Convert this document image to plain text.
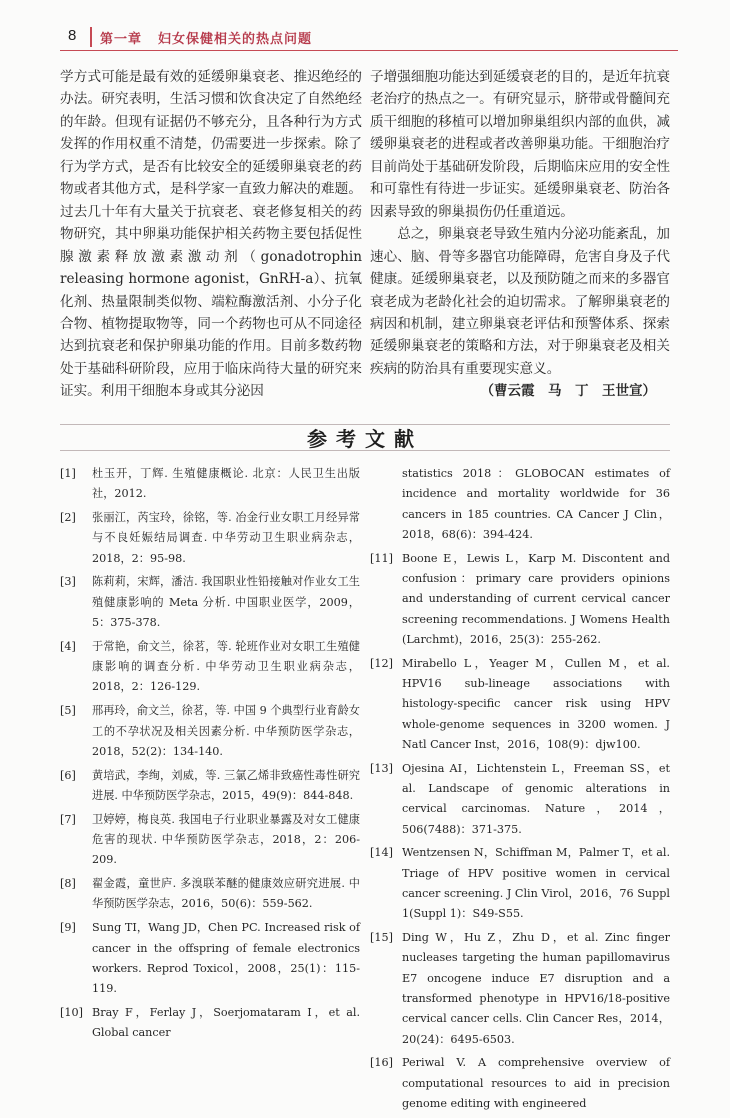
8 第一章 妇女保健相关的热点问题

学方式可能是最有效的延缓卵巢衰老、推迟绝经的办法。研究表明，生活习惯和饮食决定了自然绝经的年龄。但现有证据仍不够充分，且各种行为方式发挥的作用权重不清楚，仍需要进一步探索。除了行为学方式，是否有比较安全的延缓卵巢衰老的药物或者其他方式，是科学家一直致力解决的难题。过去几十年有大量关于抗衰老、衰老修复相关的药物研究，其中卵巢功能保护相关药物主要包括促性腺激素释放激素激动剂（gonadotrophin releasing hormone agonist，GnRH-a）、抗氧化剂、热量限制类似物、端粒酶激活剂、小分子化合物、植物提取物等，同一个药物也可从不同途径达到抗衰老和保护卵巢功能的作用。目前多数药物处于基础科研阶段，应用于临床尚待大量的研究来证实。利用干细胞本身或其分泌因

子增强细胞功能达到延缓衰老的目的，是近年抗衰老治疗的热点之一。有研究显示，脐带或骨髓间充质干细胞的移植可以增加卵巢组织内部的血供，减缓卵巢衰老的进程或者改善卵巢功能。干细胞治疗目前尚处于基础研发阶段，后期临床应用的安全性和可靠性有待进一步证实。延缓卵巢衰老、防治各因素导致的卵巢损伤仍任重道远。

总之，卵巢衰老导致生殖内分泌功能紊乱，加速心、脑、骨等多器官功能障碍，危害自身及子代健康。延缓卵巢衰老，以及预防随之而来的多器官衰老成为老龄化社会的迫切需求。了解卵巢衰老的病因和机制，建立卵巢衰老评估和预警体系、探索延缓卵巢衰老的策略和方法，对于卵巢衰老及相关疾病的防治具有重要现实意义。

（曹云霞　马　丁　王世宣）
参考文献
[1]	杜玉开，丁辉. 生殖健康概论. 北京：人民卫生出版社，2012.
[2]	张丽江，芮宝玲，徐铭，等. 冶金行业女职工月经异常与不良妊娠结局调查. 中华劳动卫生职业病杂志，2018，2：95-98.
[3]	陈莉莉，宋辉，潘洁. 我国职业性铅接触对作业女工生殖健康影响的 Meta 分析. 中国职业医学，2009，5：375-378.
[4]	于常艳，俞文兰，徐茗，等. 轮班作业对女职工生殖健康影响的调查分析. 中华劳动卫生职业病杂志，2018，2：126-129.
[5]	邢再玲，俞文兰，徐茗，等. 中国 9 个典型行业育龄女工的不孕状况及相关因素分析. 中华预防医学杂志，2018，52(2)：134-140.
[6]	黄培武，李绚，刘威，等. 三氯乙烯非致癌性毒性研究进展. 中华预防医学杂志，2015，49(9)：844-848.
[7]	卫婷婷，梅良英. 我国电子行业职业暴露及对女工健康危害的现状. 中华预防医学杂志，2018，2：206-209.
[8]	翟金霞，童世庐. 多溴联苯醚的健康效应研究进展. 中华预防医学杂志，2016，50(6)：559-562.
[9]	Sung TI，Wang JD，Chen PC. Increased risk of cancer in the offspring of female electronics workers. Reprod Toxicol，2008，25(1)：115-119.
[10] Bray F，Ferlay J，Soerjomataram I，et al. Global cancer
statistics 2018：GLOBOCAN estimates of incidence and mortality worldwide for 36 cancers in 185 countries. CA Cancer J Clin，2018，68(6)：394-424.
[11] Boone E，Lewis L，Karp M. Discontent and confusion：primary care providers opinions and understanding of current cervical cancer screening recommendations. J Womens Health (Larchmt)，2016，25(3)：255-262.
[12] Mirabello L，Yeager M，Cullen M，et al. HPV16 sub-lineage associations with histology-specific cancer risk using HPV whole-genome sequences in 3200 women. J Natl Cancer Inst，2016，108(9)：djw100.
[13] Ojesina AI，Lichtenstein L，Freeman SS，et al. Landscape of genomic alterations in cervical carcinomas. Nature，2014，506(7488)：371-375.
[14] Wentzensen N，Schiffman M，Palmer T，et al. Triage of HPV positive women in cervical cancer screening. J Clin Virol，2016，76 Suppl 1(Suppl 1)：S49-S55.
[15] Ding W，Hu Z，Zhu D，et al. Zinc finger nucleases targeting the human papillomavirus E7 oncogene induce E7 disruption and a transformed phenotype in HPV16/18-positive cervical cancer cells. Clin Cancer Res，2014，20(24)：6495-6503.
[16] Periwal V. A comprehensive overview of computational resources to aid in precision genome editing with engineered
